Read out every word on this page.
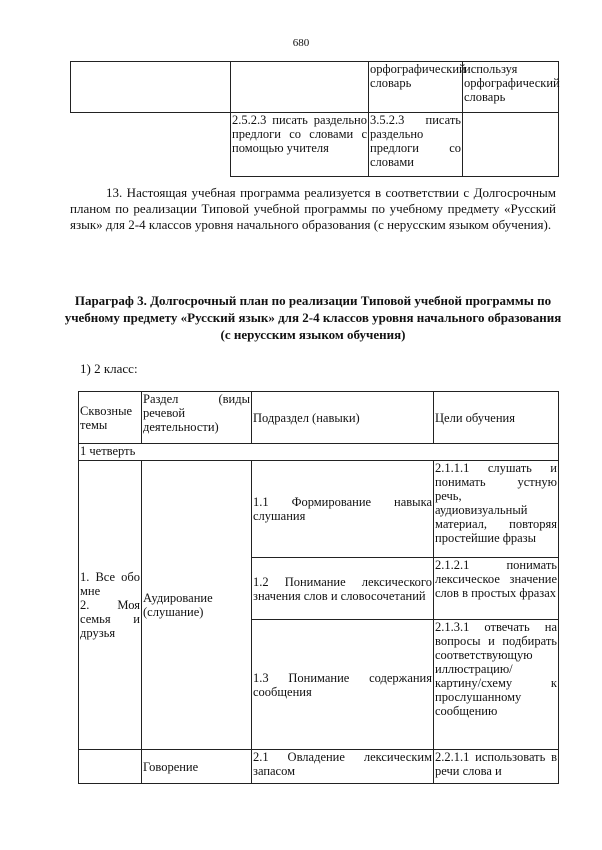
680
		орфографический словарь	используя орфографический словарь
	2.5.2.3 писать раздельно предлоги со словами с помощью учителя	3.5.2.3 писать раздельно предлоги со словами	
13. Настоящая учебная программа реализуется в соответствии с Долгосрочным планом по реализации Типовой учебной программы по учебному предмету «Русский язык» для 2-4 классов уровня начального образования (с нерусским языком обучения).
Параграф 3. Долгосрочный план по реализации Типовой учебной программы по учебному предмету «Русский язык» для 2-4 классов уровня начального образования (с нерусским языком обучения)
1) 2 класс:
Сквозные темы	Раздел (виды речевой деятельности)	Подраздел (навыки)	Цели обучения
1 четверть			
1. Все обо мне
2. Моя семья и друзья	Аудирование (слушание)	1.1 Формирование навыка слушания	2.1.1.1 слушать и понимать устную речь, аудиовизуальный материал, повторяя простейшие фразы
		1.2 Понимание лексического значения слов и словосочетаний	2.1.2.1 понимать лексическое значение слов в простых фразах
		1.3 Понимание содержания сообщения	2.1.3.1 отвечать на вопросы и подбирать соответствующую иллюстрацию/ картину/схему к прослушанному сообщению
	Говорение	2.1 Овладение лексическим запасом	2.2.1.1 использовать в речи слова и
